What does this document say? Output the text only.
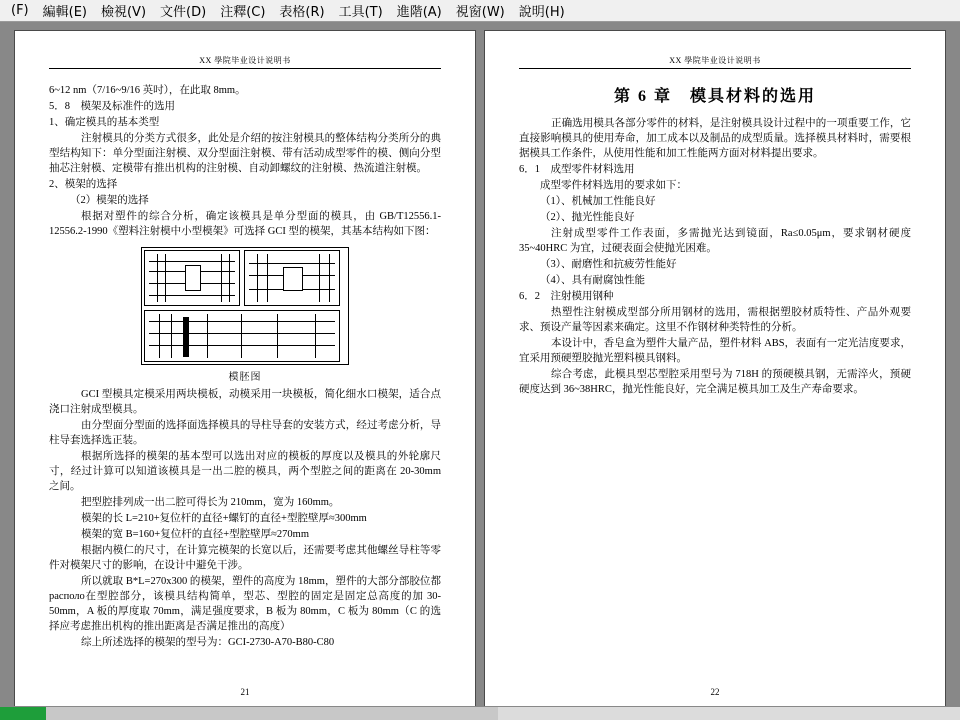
(F)	編輯(E)	檢視(V)	文件(D)	注釋(C)	表格(R)	工具(T)	進階(A)	視窗(W)	說明(H)
XX 學院毕业设计说明书

6~12 nm（7/16~9/16 英吋），在此取 8mm。

5．8　模架及标准件的选用

1、确定模具的基本类型

注射模具的分类方式很多，此处是介绍的按注射模具的整体结构分类所分的典型结构知下：单分型面注射模、双分型面注射模、带有活动成型零件的模、侧向分型抽芯注射模、定模带有推出机构的注射模、自动卸螺纹的注射模、热流道注射模。

2、模架的选择

（2）模架的选择

根据对塑件的综合分析，确定该模具是单分型面的模具，由 GB/T12556.1-12556.2-1990《塑料注射模中小型模架》可选择 GCI 型的模架，其基本结构如下图：

模胚图

GCI 型模具定模采用两块模板，动模采用一块模板，简化细水口模架，适合点浇口注射成型模具。

由分型面分型面的选择面选择模具的导柱导套的安装方式，经过考虑分析，导柱导套选择选正装。

根据所选择的模架的基本型可以选出对应的模板的厚度以及模具的外轮廓尺寸，经过计算可以知道该模具是一出二腔的模具，两个型腔之间的距离在 20-30mm 之间。

把型腔排列成一出二腔可得长为 210mm，宽为 160mm。

模架的长 L=210+复位杆的直径+螺钉的直径+型腔壁厚≈300mm

模架的宽 B=160+复位杆的直径+型腔壁厚≈270mm

根据内模仁的尺寸，在计算完模架的长宽以后，还需要考虑其他螺丝导柱等零件对模架尺寸的影响，在设计中避免干涉。

所以就取 B*L=270x300 的模架，塑件的高度为 18mm，塑件的大部分部胶位都располо在型腔部分，该模具结构简单，型芯、型腔的固定是固定总高度的加 30-50mm，A 板的厚度取 70mm，满足强度要求，B 板为 80mm，C 板为 80mm（C 的选择应考虑推出机构的推出距离是否满足推出的高度）

综上所述选择的模架的型号为：GCI-2730-A70-B80-C80

21
XX 學院毕业设计说明书
第 6 章　模具材料的选用

正确选用模具各部分零件的材料，是注射模具设计过程中的一项重要工作，它直接影响模具的使用寿命，加工成本以及制品的成型质量。选择模具材料时，需要根据模具工作条件，从使用性能和加工性能两方面对材料提出要求。

6．1　成型零件材料选用

成型零件材料选用的要求如下：

（1）、机械加工性能良好

（2）、抛光性能良好

注射成型零件工作表面，多需抛光达到镜面，Ra≤0.05μm，要求钢材硬度 35~40HRC 为宜，过硬表面会使抛光困难。

（3）、耐磨性和抗疲劳性能好

（4）、具有耐腐蚀性能

6．2　注射模用钢种

热塑性注射模成型部分所用钢材的选用，需根据塑胶材质特性、产品外观要求、预设产量等因素来确定。这里不作钢材种类特性的分析。

本设计中，香皂盒为塑件大量产品，塑件材料 ABS，表面有一定光洁度要求，宜采用预硬塑胶抛光塑料模具钢料。

综合考虑，此模具型芯型腔采用型号为 718H 的预硬模具钢，无需淬火，预硬硬度达到 36~38HRC，抛光性能良好，完全满足模具加工及生产寿命要求。

22
